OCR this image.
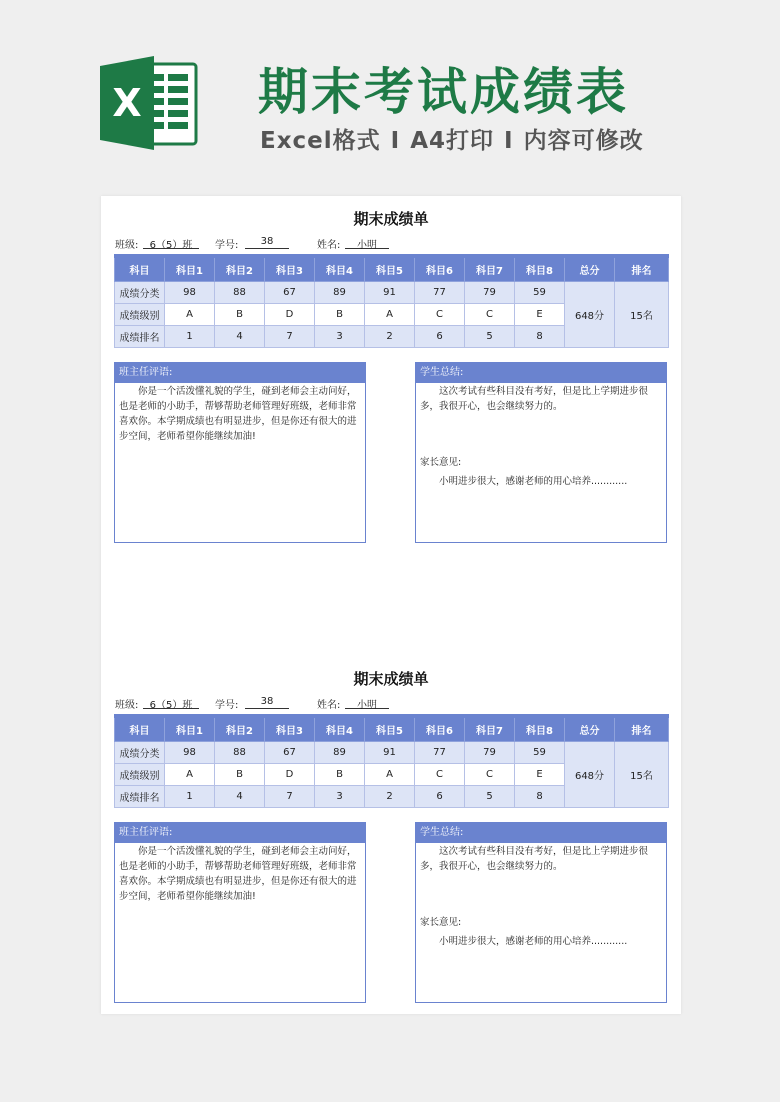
X 期末考试成绩表
Excel格式 I A4打印 I 内容可修改
期末成绩单
班级:	6（5）班	学号:	38	姓名:	小明
科目	科目1	科目2	科目3	科目4	科目5	科目6	科目7	科目8	总分	排名
成绩分类	98	88	67	89	91	77	79	59	648分	15名
成绩级别	A	B	D	B	A	C	C	E		
成绩排名	1	4	7	3	2	6	5	8		
班主任评语:
你是一个活泼懂礼貌的学生，碰到老师会主动问好，也是老师的小助手，帮够帮助老师管理好班级，老师非常喜欢你。本学期成绩也有明显进步，但是你还有很大的进步空间，老师希望你能继续加油!
学生总结:
这次考试有些科目没有考好，但是比上学期进步很多，我很开心，也会继续努力的。
家长意见:
小明进步很大，感谢老师的用心培养............
期末成绩单
班级:	6（5）班	学号:	38	姓名:	小明
科目	科目1	科目2	科目3	科目4	科目5	科目6	科目7	科目8	总分	排名
成绩分类	98	88	67	89	91	77	79	59	648分	15名
成绩级别	A	B	D	B	A	C	C	E		
成绩排名	1	4	7	3	2	6	5	8		
班主任评语:
你是一个活泼懂礼貌的学生，碰到老师会主动问好，也是老师的小助手，帮够帮助老师管理好班级，老师非常喜欢你。本学期成绩也有明显进步，但是你还有很大的进步空间，老师希望你能继续加油!
学生总结:
这次考试有些科目没有考好，但是比上学期进步很多，我很开心，也会继续努力的。
家长意见:
小明进步很大，感谢老师的用心培养............
